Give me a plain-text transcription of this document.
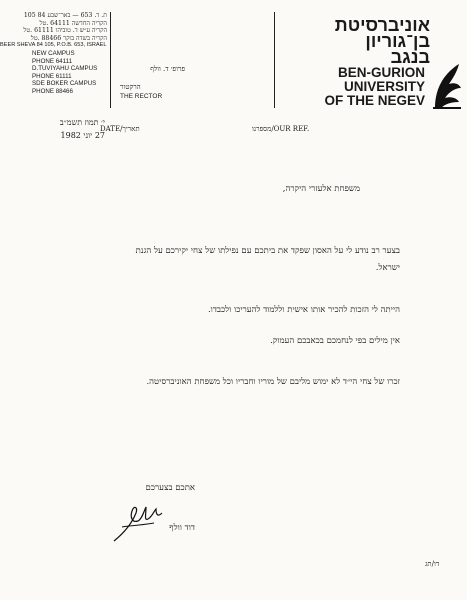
ת. ד. 653 — באר־שבע 84 105
הקריה החדשה 64111 .טל
הקריה ע״ש ד. טוביהו 61111 .טל
הקריה בשדה בוקר 88466 .טל
BEER SHEVA 84 105, P.O.B. 653, ISRAEL
NEW CAMPUS
PHONE 64111
D.TUVIYAHU CAMPUS
PHONE 61111
SDE BOKER CAMPUS
PHONE 88466
פרופ׳ ד. וולף
הרקטור
THE RECTOR
אוניברסיטת
בן־גוריון
בנגב
BEN-GURION
UNIVERSITY
OF THE NEGEV
י׳ תמוז תשמ״ב
27 יוני 1982
תאריך/DATE	מספרנו/OUR REF.
משפחת אלעזרי היקרה,
בצער רב נודע לי על האסון שפקד את ביתכם עם נפילתו של צחי יקירכם על הגנת ישראל.
הייתה לי הזכות להכיר אותו אישית וללמוד להעריכו ולכבדו.
אין מילים בפי לנחמכם בכאבכם העמוק.
זכרו של צחי הי״ד לא ימוש מליבם של מוריו וחבריו וכל משפחת האוניברסיטה.
אתכם בצערכם
דוד וולף
דו/תג
